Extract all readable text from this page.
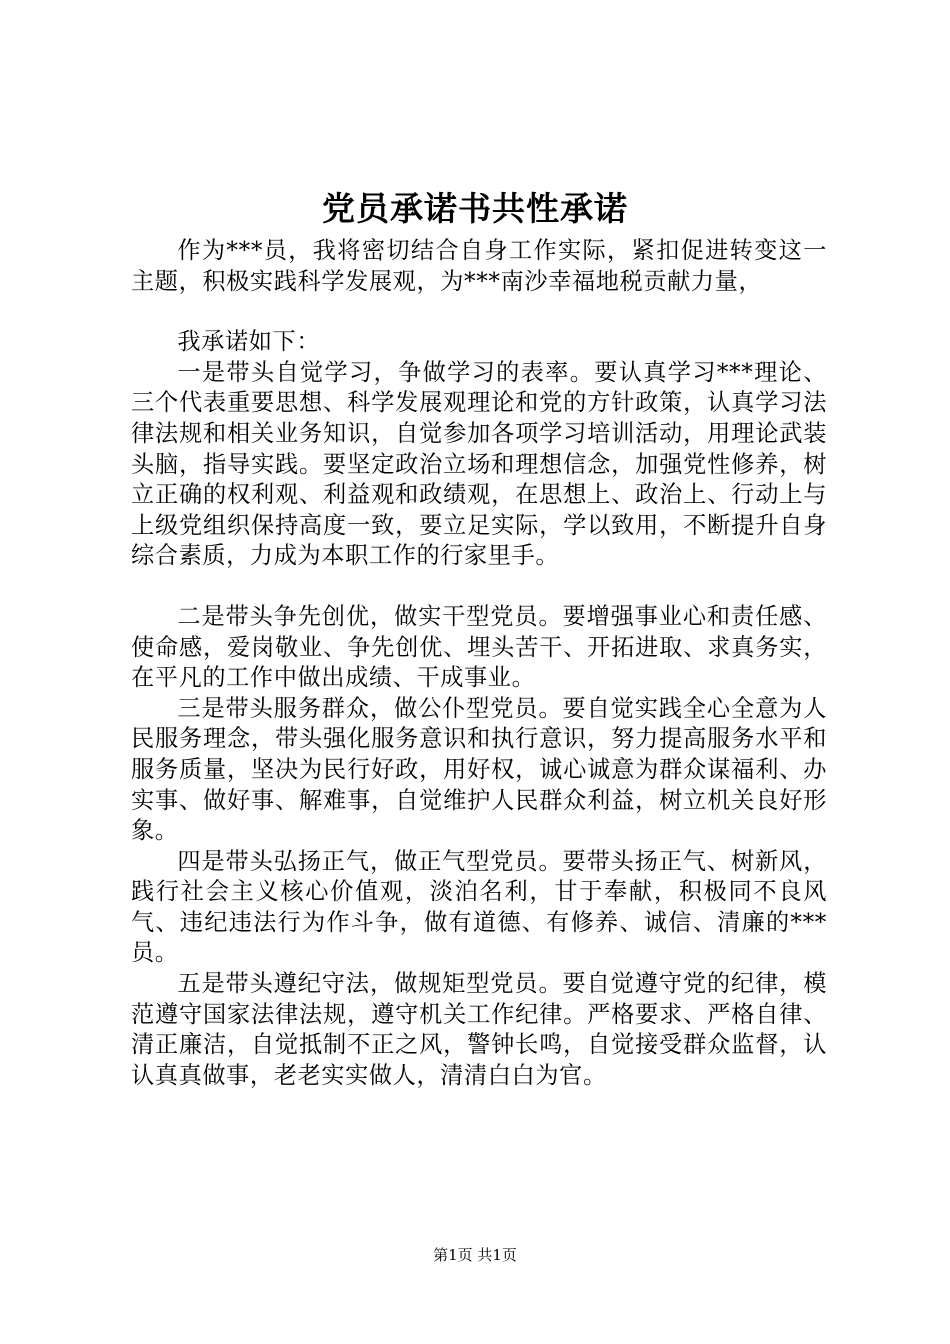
党员承诺书共性承诺

作为***员，我将密切结合自身工作实际，紧扣促进转变这一主题，积极实践科学发展观，为***南沙幸福地税贡献力量，

我承诺如下：

一是带头自觉学习，争做学习的表率。要认真学习***理论、三个代表重要思想、科学发展观理论和党的方针政策，认真学习法律法规和相关业务知识，自觉参加各项学习培训活动，用理论武装头脑，指导实践。要坚定政治立场和理想信念，加强党性修养，树立正确的权利观、利益观和政绩观，在思想上、政治上、行动上与上级党组织保持高度一致，要立足实际，学以致用，不断提升自身综合素质，力成为本职工作的行家里手。

二是带头争先创优，做实干型党员。要增强事业心和责任感、使命感，爱岗敬业、争先创优、埋头苦干、开拓进取、求真务实，在平凡的工作中做出成绩、干成事业。

三是带头服务群众，做公仆型党员。要自觉实践全心全意为人民服务理念，带头强化服务意识和执行意识，努力提高服务水平和服务质量，坚决为民行好政，用好权，诚心诚意为群众谋福利、办实事、做好事、解难事，自觉维护人民群众利益，树立机关良好形象。

四是带头弘扬正气，做正气型党员。要带头扬正气、树新风，践行社会主义核心价值观，淡泊名利，甘于奉献，积极同不良风气、违纪违法行为作斗争，做有道德、有修养、诚信、清廉的***员。

五是带头遵纪守法，做规矩型党员。要自觉遵守党的纪律，模范遵守国家法律法规，遵守机关工作纪律。严格要求、严格自律、清正廉洁，自觉抵制不正之风，警钟长鸣，自觉接受群众监督，认认真真做事，老老实实做人，清清白白为官。

第1页 共1页
